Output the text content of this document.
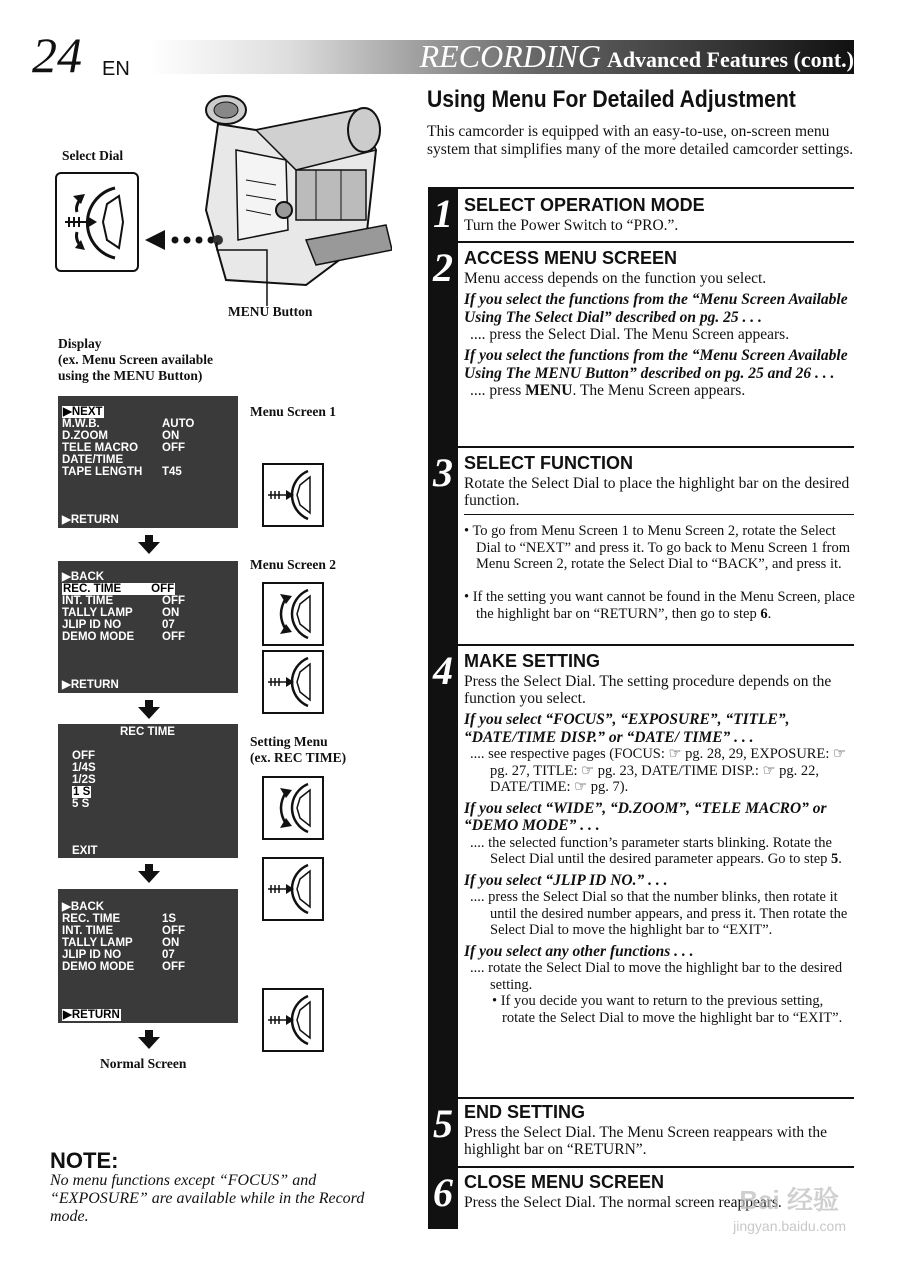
24 EN	RECORDING Advanced Features (cont.)
Select Dial
MENU Button
Display
(ex. Menu Screen available
using the MENU Button)
▶NEXT
M.W.B.	AUTO
D.ZOOM	ON
TELE MACRO OFF
DATE/TIME
TAPE LENGTH T45
▶RETURN
Menu Screen 1
▶BACK
REC. TIME	OFF
INT. TIME	OFF
TALLY LAMP	ON
JLIP ID NO	07
DEMO MODE OFF
▶RETURN
Menu Screen 2
REC TIME
OFF
1/4S
1/2S
1 S
5 S
EXIT
Setting Menu
(ex. REC TIME)
▶BACK
REC. TIME	1S
INT. TIME	OFF
TALLY LAMP	ON
JLIP ID NO	07
DEMO MODE OFF
▶RETURN
Normal Screen
NOTE:
No menu functions except “FOCUS” and “EXPOSURE” are available while in the Record mode.
Using Menu For Detailed Adjustment
This camcorder is equipped with an easy-to-use, on-screen menu system that simplifies many of the more detailed camcorder settings.
1 SELECT OPERATION MODE
Turn the Power Switch to “PRO.”.
2 ACCESS MENU SCREEN
Menu access depends on the function you select.
If you select the functions from the “Menu Screen Available Using The Select Dial” described on pg. 25 . . .
.... press the Select Dial. The Menu Screen appears.
If you select the functions from the “Menu Screen Available Using The MENU Button” described on pg. 25 and 26 . . .
.... press MENU. The Menu Screen appears.
3 SELECT FUNCTION
Rotate the Select Dial to place the highlight bar on the desired function.
• To go from Menu Screen 1 to Menu Screen 2, rotate the Select Dial to “NEXT” and press it. To go back to Menu Screen 1 from Menu Screen 2, rotate the Select Dial to “BACK”, and press it.
• If the setting you want cannot be found in the Menu Screen, place the highlight bar on “RETURN”, then go to step 6.
4 MAKE SETTING
Press the Select Dial. The setting procedure depends on the function you select.
If you select “FOCUS”, “EXPOSURE”, “TITLE”, “DATE/TIME DISP.” or “DATE/ TIME” . . .
.... see respective pages (FOCUS: ☞ pg. 28, 29, EXPOSURE: ☞ pg. 27, TITLE: ☞ pg. 23, DATE/TIME DISP.: ☞ pg. 22, DATE/TIME: ☞ pg. 7).
If you select “WIDE”, “D.ZOOM”, “TELE MACRO” or “DEMO MODE” . . .
.... the selected function’s parameter starts blinking. Rotate the Select Dial until the desired parameter appears. Go to step 5.
If you select “JLIP ID NO.” . . .
.... press the Select Dial so that the number blinks, then rotate it until the desired number appears, and press it. Then rotate the Select Dial to move the highlight bar to “EXIT”.
If you select any other functions . . .
.... rotate the Select Dial to move the highlight bar to the desired setting.
• If you decide you want to return to the previous setting, rotate the Select Dial to move the highlight bar to “EXIT”.
5 END SETTING
Press the Select Dial. The Menu Screen reappears with the highlight bar on “RETURN”.
6 CLOSE MENU SCREEN
Press the Select Dial. The normal screen reappears.
Bai 经验
jingyan.baidu.com
